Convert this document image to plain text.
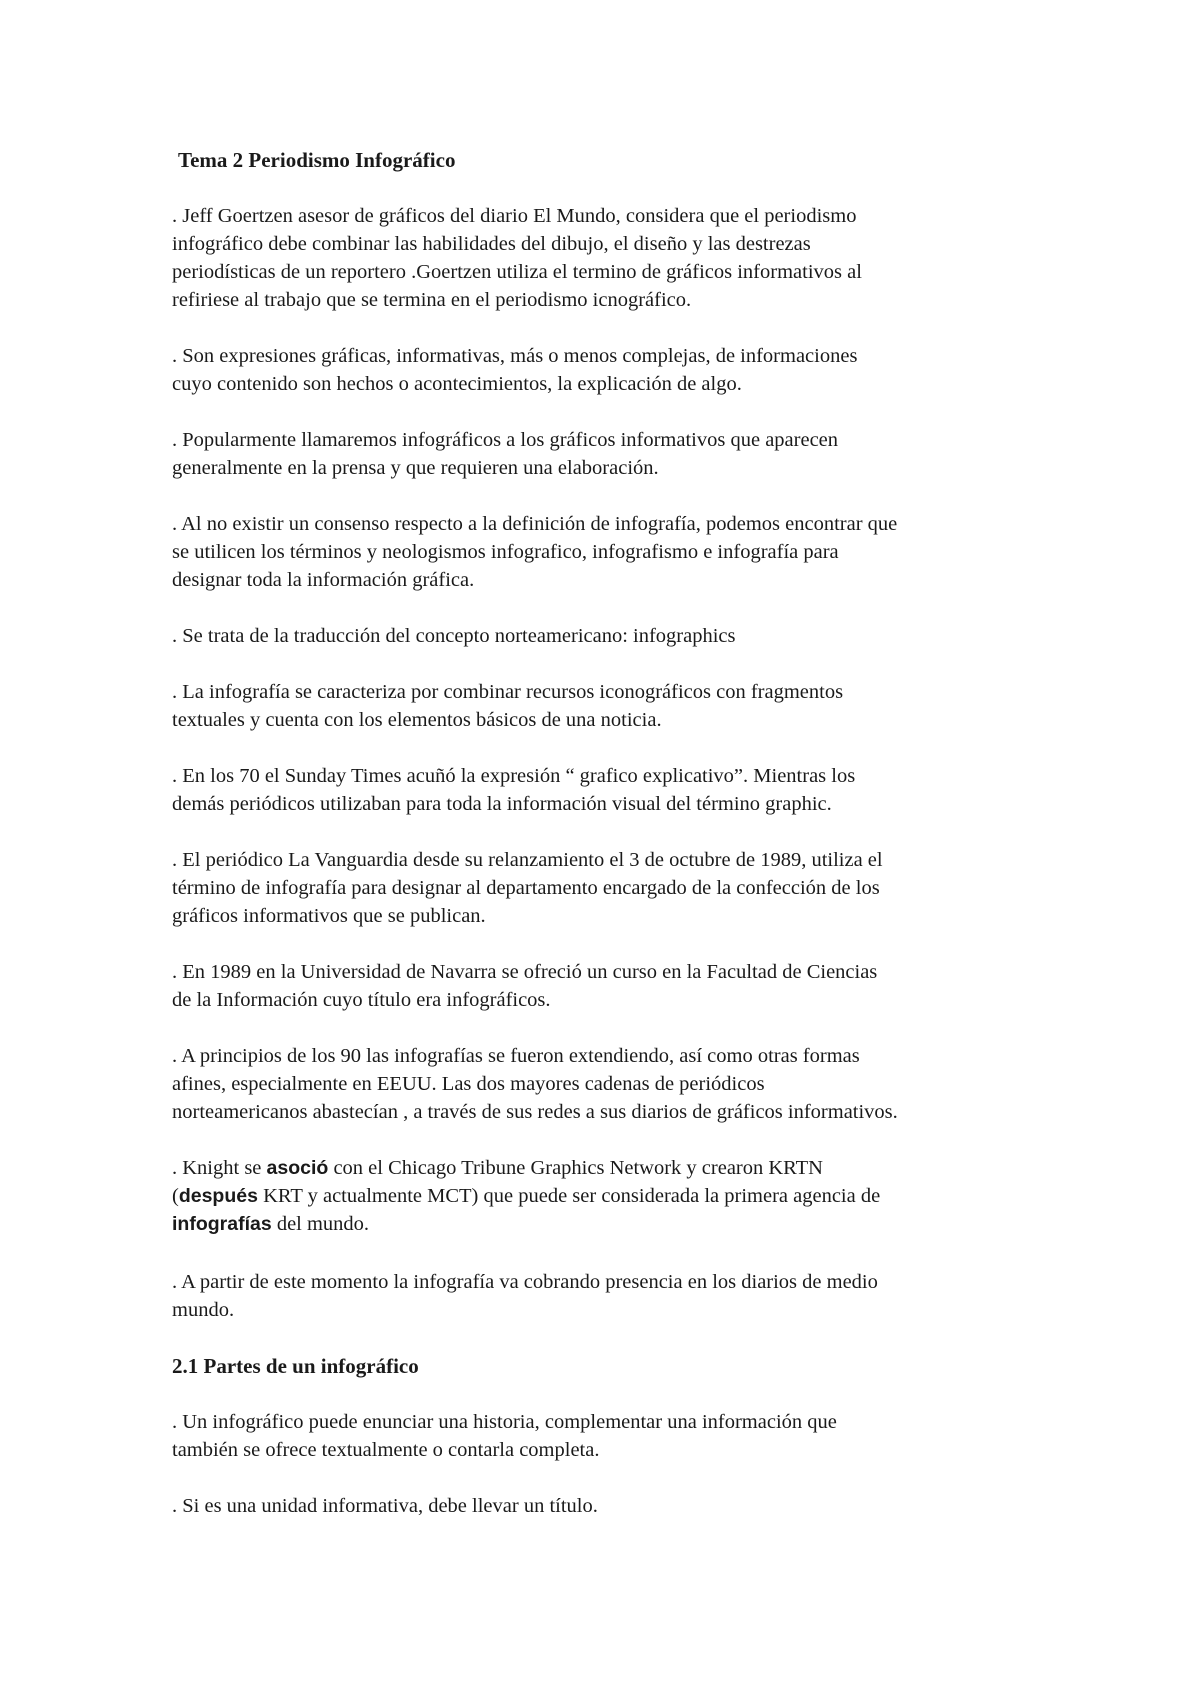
Tema 2 Periodismo Infográfico
. Jeff Goertzen asesor de gráficos del diario El Mundo, considera que el periodismo
infográfico debe combinar las habilidades del dibujo, el diseño y las destrezas
periodísticas de un reportero .Goertzen utiliza el termino de gráficos informativos al
refiriese al trabajo que se termina en el periodismo icnográfico.
. Son expresiones gráficas, informativas, más o menos complejas, de informaciones
cuyo contenido son hechos o acontecimientos, la explicación de algo.
. Popularmente llamaremos infográficos a los gráficos informativos que aparecen
generalmente en la prensa y que requieren una elaboración.
. Al no existir un consenso respecto a la definición de infografía, podemos encontrar que
se utilicen los términos y neologismos infografico, infografismo e infografía para
designar toda la información gráfica.
. Se trata de la traducción del concepto norteamericano: infographics
. La infografía se caracteriza por combinar recursos iconográficos con fragmentos
textuales y cuenta con los elementos básicos de una noticia.
. En los 70 el Sunday Times acuñó la expresión “ grafico explicativo”. Mientras los
demás periódicos utilizaban para toda la información visual del término graphic.
. El periódico La Vanguardia desde su relanzamiento el 3 de octubre de 1989, utiliza el
término de infografía para designar al departamento encargado de la confección de los
gráficos informativos que se publican.
. En 1989 en la Universidad de Navarra se ofreció un curso en la Facultad de Ciencias
de la Información cuyo título era infográficos.
. A principios de los 90 las infografías se fueron extendiendo, así como otras formas
afines, especialmente en EEUU. Las dos mayores cadenas de periódicos
norteamericanos abastecían , a través de sus redes a sus diarios de gráficos informativos.
. Knight se asoció con el Chicago Tribune Graphics Network y crearon KRTN
(después KRT y actualmente MCT) que puede ser considerada la primera agencia de
infografías del mundo.
. A partir de este momento la infografía va cobrando presencia en los diarios de medio
mundo.
2.1 Partes de un infográfico
. Un infográfico puede enunciar una historia, complementar una información que
también se ofrece textualmente o contarla completa.
. Si es una unidad informativa, debe llevar un título.
